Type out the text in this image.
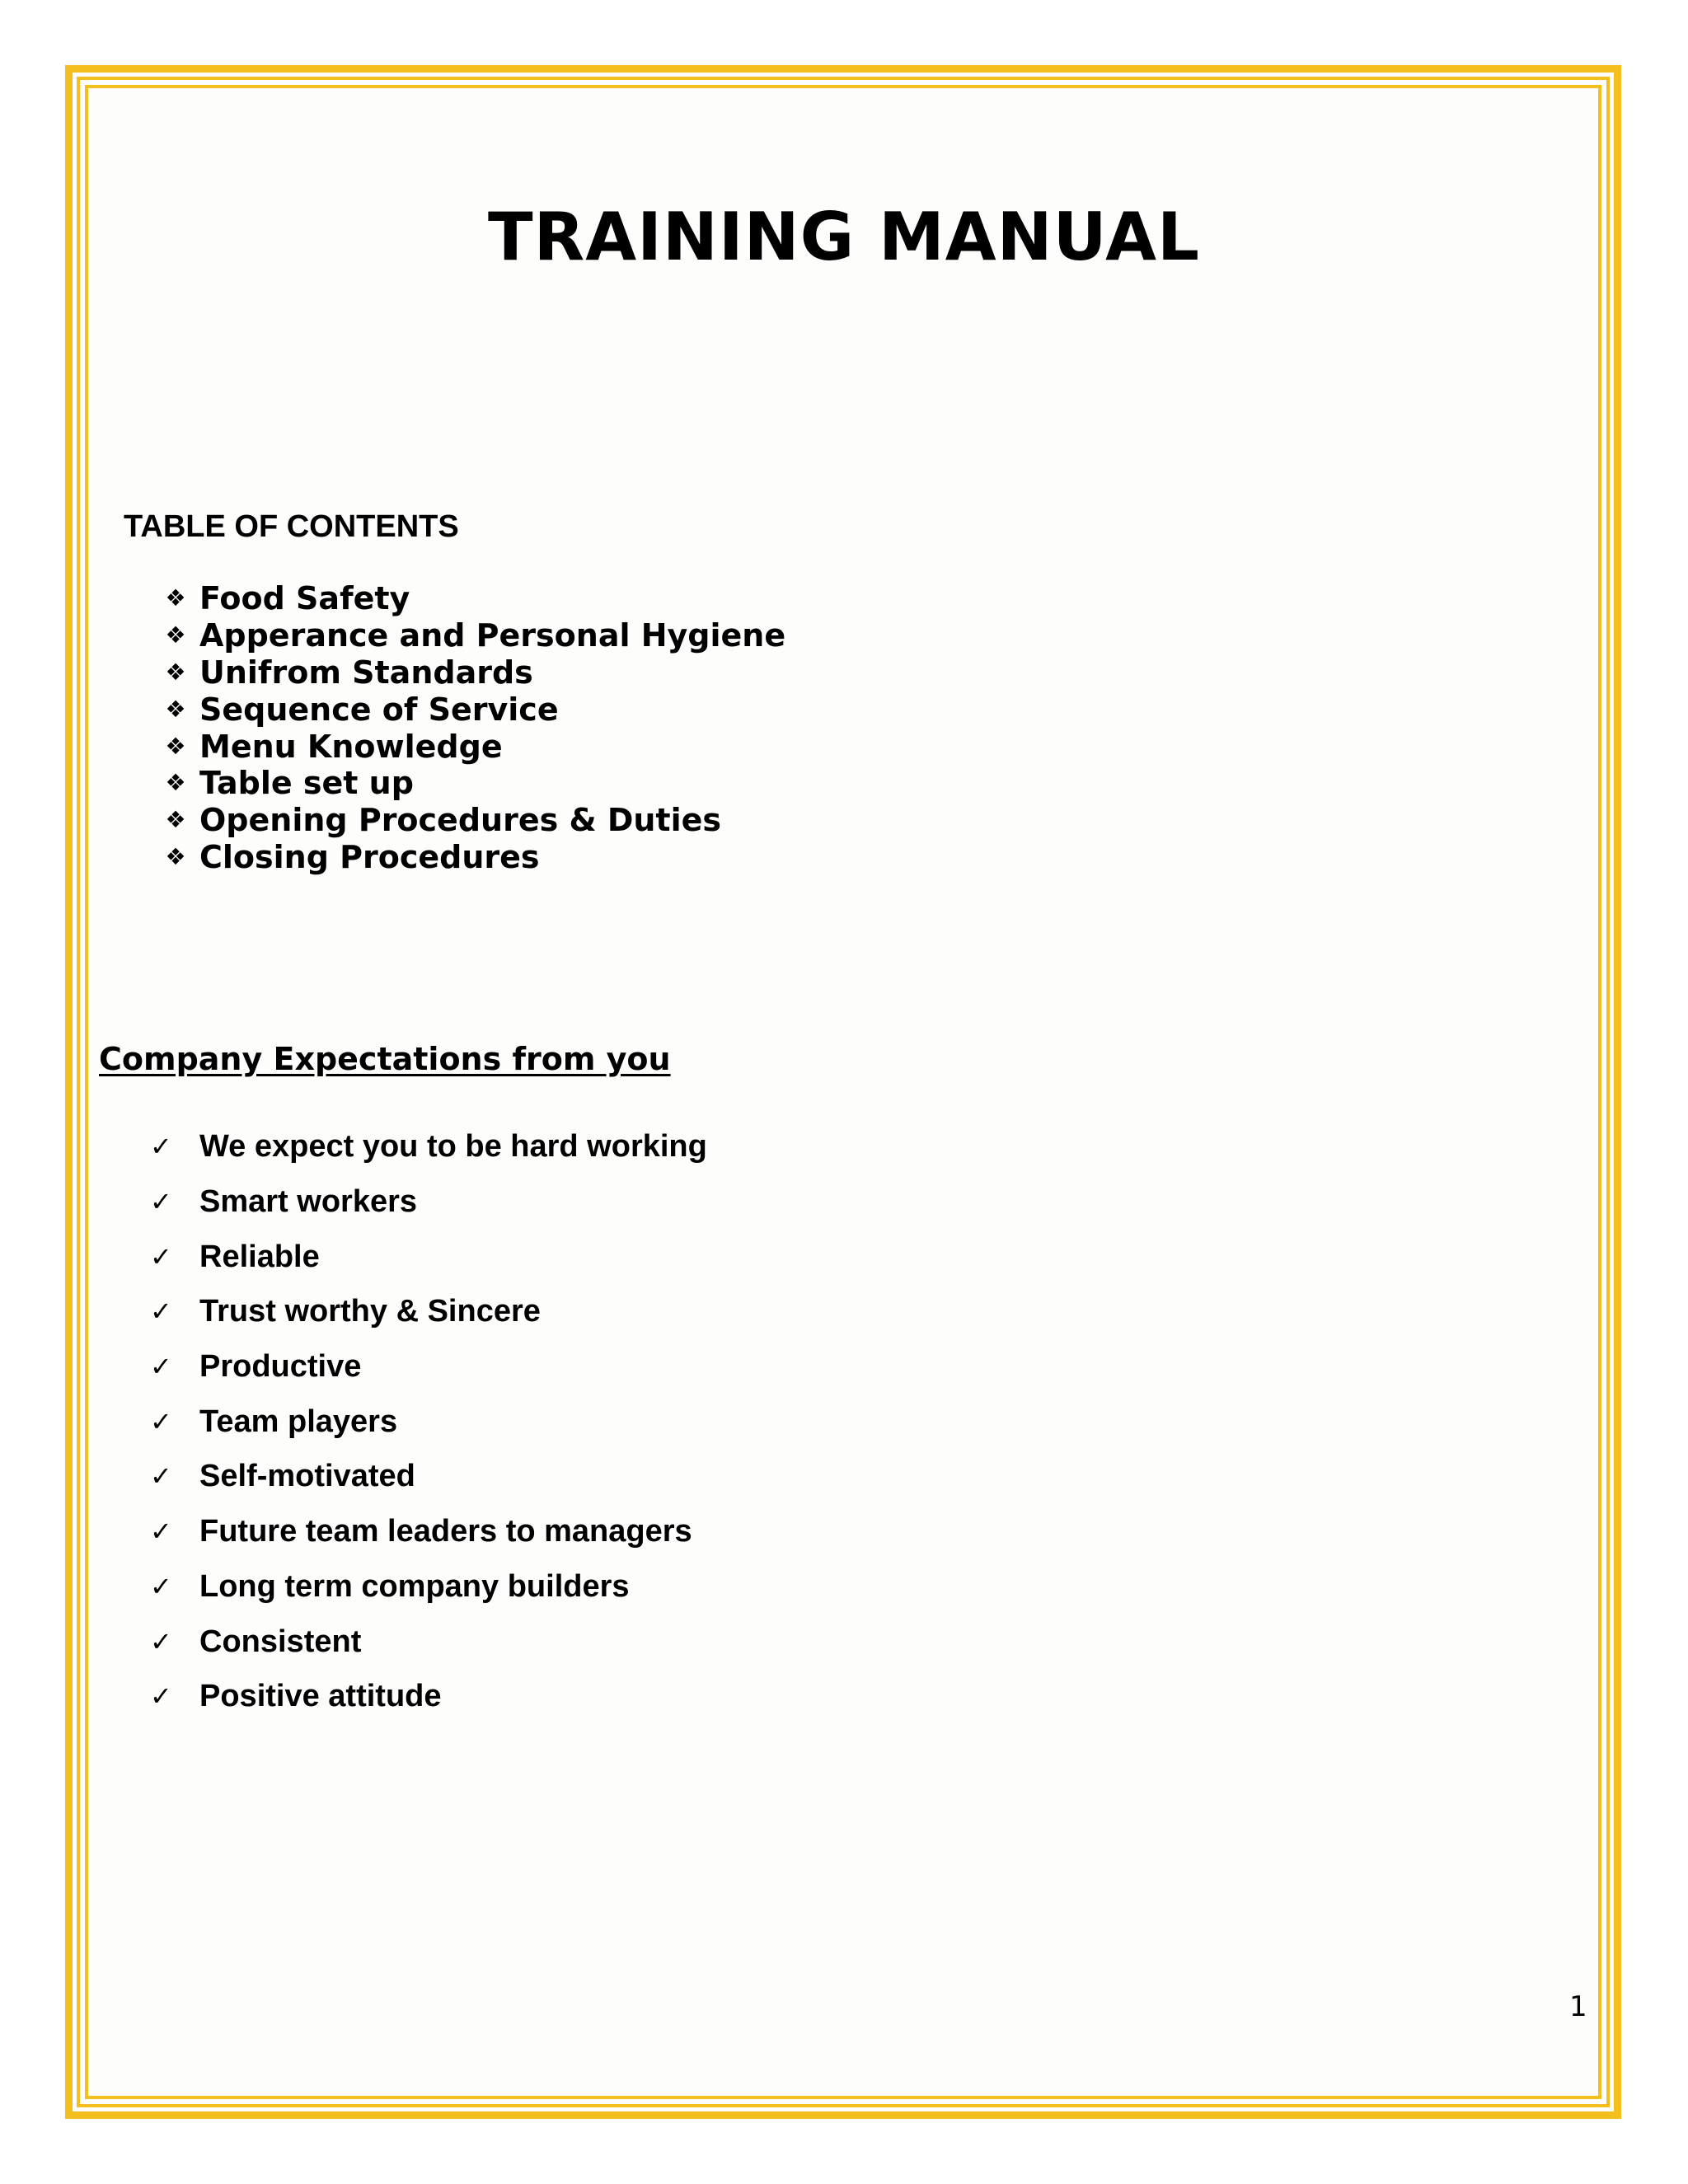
TRAINING MANUAL
TABLE OF CONTENTS
❖ Food Safety
❖ Apperance and Personal Hygiene
❖ Unifrom Standards
❖ Sequence of Service
❖ Menu Knowledge
❖ Table set up
❖ Opening Procedures & Duties
❖ Closing Procedures
Company Expectations from you
✓ We expect you to be hard working
✓ Smart workers
✓ Reliable
✓ Trust worthy & Sincere
✓ Productive
✓ Team players
✓ Self-motivated
✓ Future team leaders to managers
✓ Long term company builders
✓ Consistent
✓ Positive attitude
1
